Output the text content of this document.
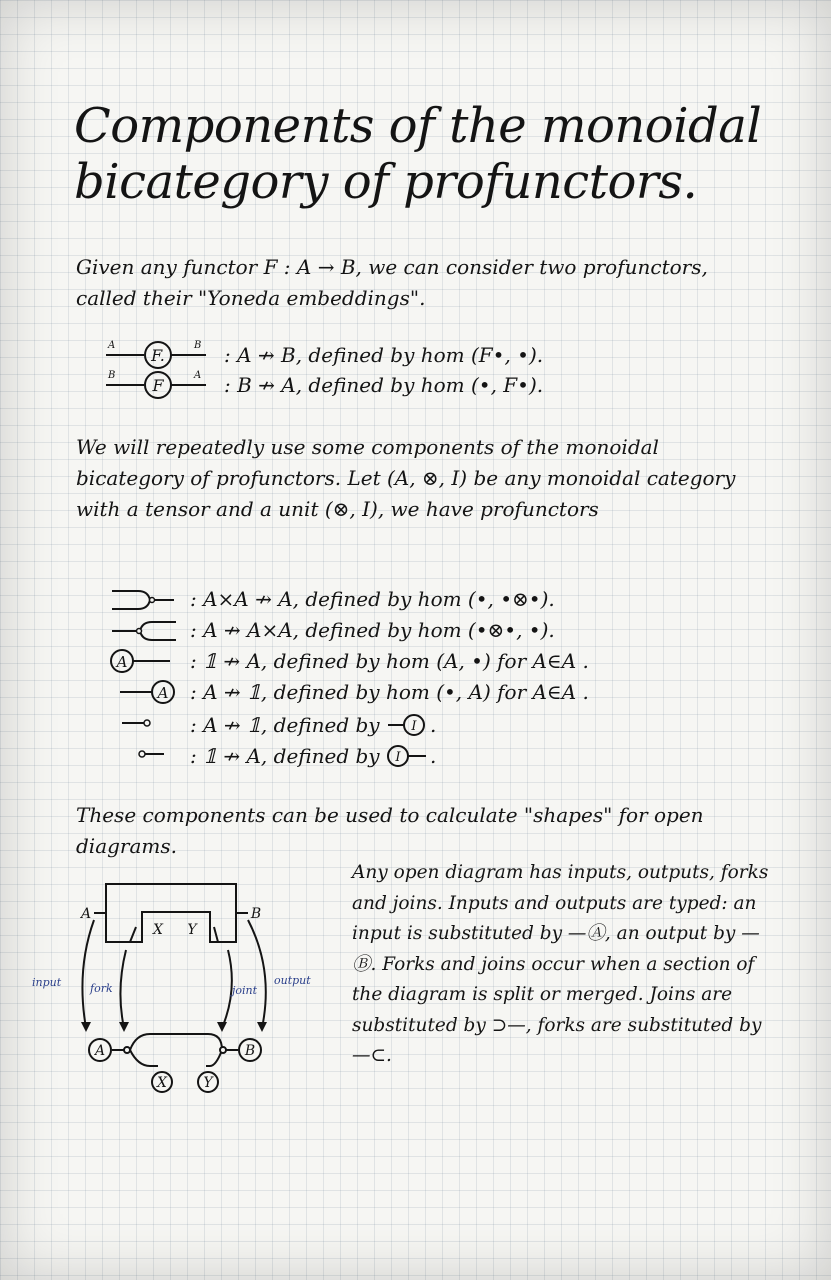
Components of the monoidal bicategory of profunctors.
Given any functor F : A → B, we can consider two profunctors, called their "Yoneda embeddings".
F.
A	B : A ↛ B, defined by hom (F•, •).
F
B	A : B ↛ A, defined by hom (•, F•).
We will repeatedly use some components of the monoidal bicategory of profunctors. Let (A, ⊗, I) be any monoidal category with a tensor and a unit (⊗, I), we have profunctors
: A×A ↛ A, defined by hom (•, •⊗•).
: A ↛ A×A, defined by hom (•⊗•, •).
A	: 𝟙 ↛ A, defined by hom (A, •) for A∈A .
A : A ↛ 𝟙, defined by hom (•, A) for A∈A .
: A ↛ 𝟙, defined by I .
: 𝟙 ↛ A, defined by I .
These components can be used to calculate "shapes" for open diagrams.
Any open diagram has inputs, outputs, forks and joins. Inputs and outputs are typed: an input is substituted by —Ⓐ, an output by —Ⓑ. Forks and joins occur when a section of the diagram is split or merged. Joins are substituted by ⊃—, forks are substituted by —⊂.
A	B
X	Y
A	B
X Y
input	fork	joint
output
